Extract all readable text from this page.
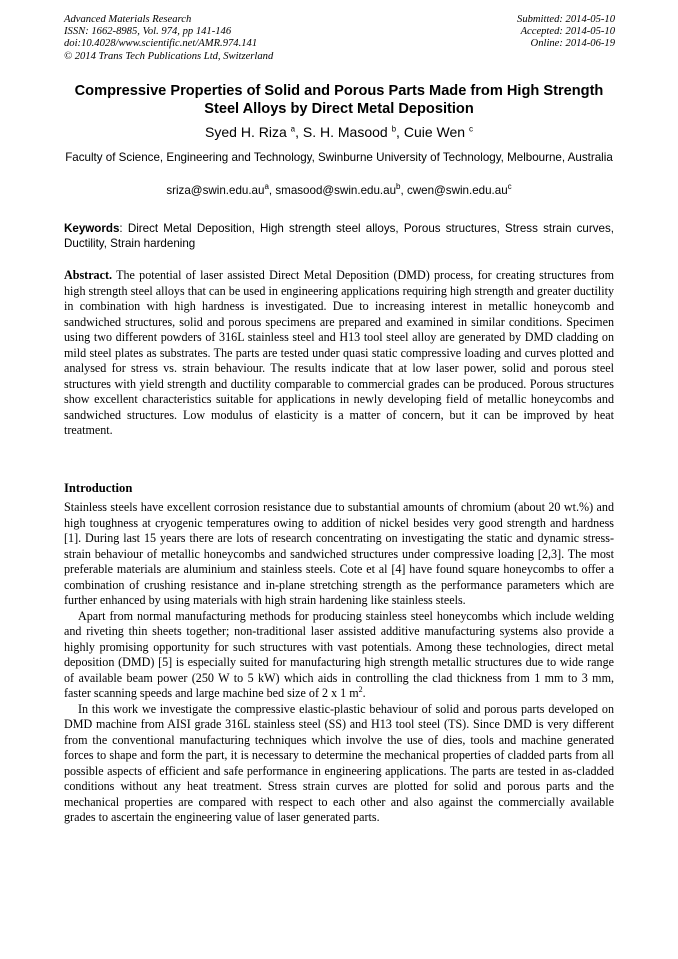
Advanced Materials Research
ISSN: 1662-8985, Vol. 974, pp 141-146
doi:10.4028/www.scientific.net/AMR.974.141
© 2014 Trans Tech Publications Ltd, Switzerland
Submitted: 2014-05-10
Accepted: 2014-05-10
Online: 2014-06-19
Compressive Properties of Solid and Porous Parts Made from High Strength Steel Alloys by Direct Metal Deposition
Syed H. Riza $^a$, S. H. Masood $^b$, Cuie Wen $^c$
Faculty of Science, Engineering and Technology, Swinburne University of Technology, Melbourne, Australia
$sriza@swin.edu.au^a$, $smasood@swin.edu.au^b$, $cwen@swin.edu.au^c$
Keywords: Direct Metal Deposition, High strength steel alloys, Porous structures, Stress strain curves, Ductility, Strain hardening
Abstract. The potential of laser assisted Direct Metal Deposition (DMD) process, for creating structures from high strength steel alloys that can be used in engineering applications requiring high strength and greater ductility in combination with high hardness is investigated. Due to increasing interest in metallic honeycomb and sandwiched structures, solid and porous specimens are prepared and examined in similar conditions. Specimen using two different powders of 316L stainless steel and H13 tool steel alloy are generated by DMD cladding on mild steel plates as substrates. The parts are tested under quasi static compressive loading and curves plotted and analysed for stress vs. strain behaviour. The results indicate that at low laser power, solid and porous steel structures with yield strength and ductility comparable to commercial grades can be produced. Porous structures show excellent characteristics suitable for applications in newly developing field of metallic honeycombs and sandwiched structures. Low modulus of elasticity is a matter of concern, but it can be improved by heat treatment.
Introduction

Stainless steels have excellent corrosion resistance due to substantial amounts of chromium (about 20 wt.%) and high toughness at cryogenic temperatures owing to addition of nickel besides very good strength and hardness [1]. During last 15 years there are lots of research concentrating on investigating the static and dynamic stress-strain behaviour of metallic honeycombs and sandwiched structures under compressive loading [2,3]. The most preferable materials are aluminium and stainless steels. Cote et al [4] have found square honeycombs to offer a combination of crushing resistance and in-plane stretching strength as the performance parameters which are further enhanced by using materials with high strain hardening like stainless steels.

Apart from normal manufacturing methods for producing stainless steel honeycombs which include welding and riveting thin sheets together; non-traditional laser assisted additive manufacturing systems also provide a highly promising opportunity for such structures with vast potentials. Among these technologies, direct metal deposition (DMD) [5] is especially suited for manufacturing high strength metallic structures due to wide range of available beam power (250 W to 5 kW) which aids in controlling the clad thickness from 1 mm to 3 mm, faster scanning speeds and large machine bed size of 2 x 1 $m^2$.

In this work we investigate the compressive elastic-plastic behaviour of solid and porous parts developed on DMD machine from AISI grade 316L stainless steel (SS) and H13 tool steel (TS). Since DMD is very different from the conventional manufacturing techniques which involve the use of dies, tools and machine generated forces to shape and form the part, it is necessary to determine the mechanical properties of cladded parts from all possible aspects of efficient and safe performance in engineering applications. The parts are tested in as-cladded conditions without any heat treatment. Stress strain curves are plotted for solid and porous parts and the mechanical properties are compared with respect to each other and also against the commercially available grades to ascertain the engineering value of laser generated parts.
